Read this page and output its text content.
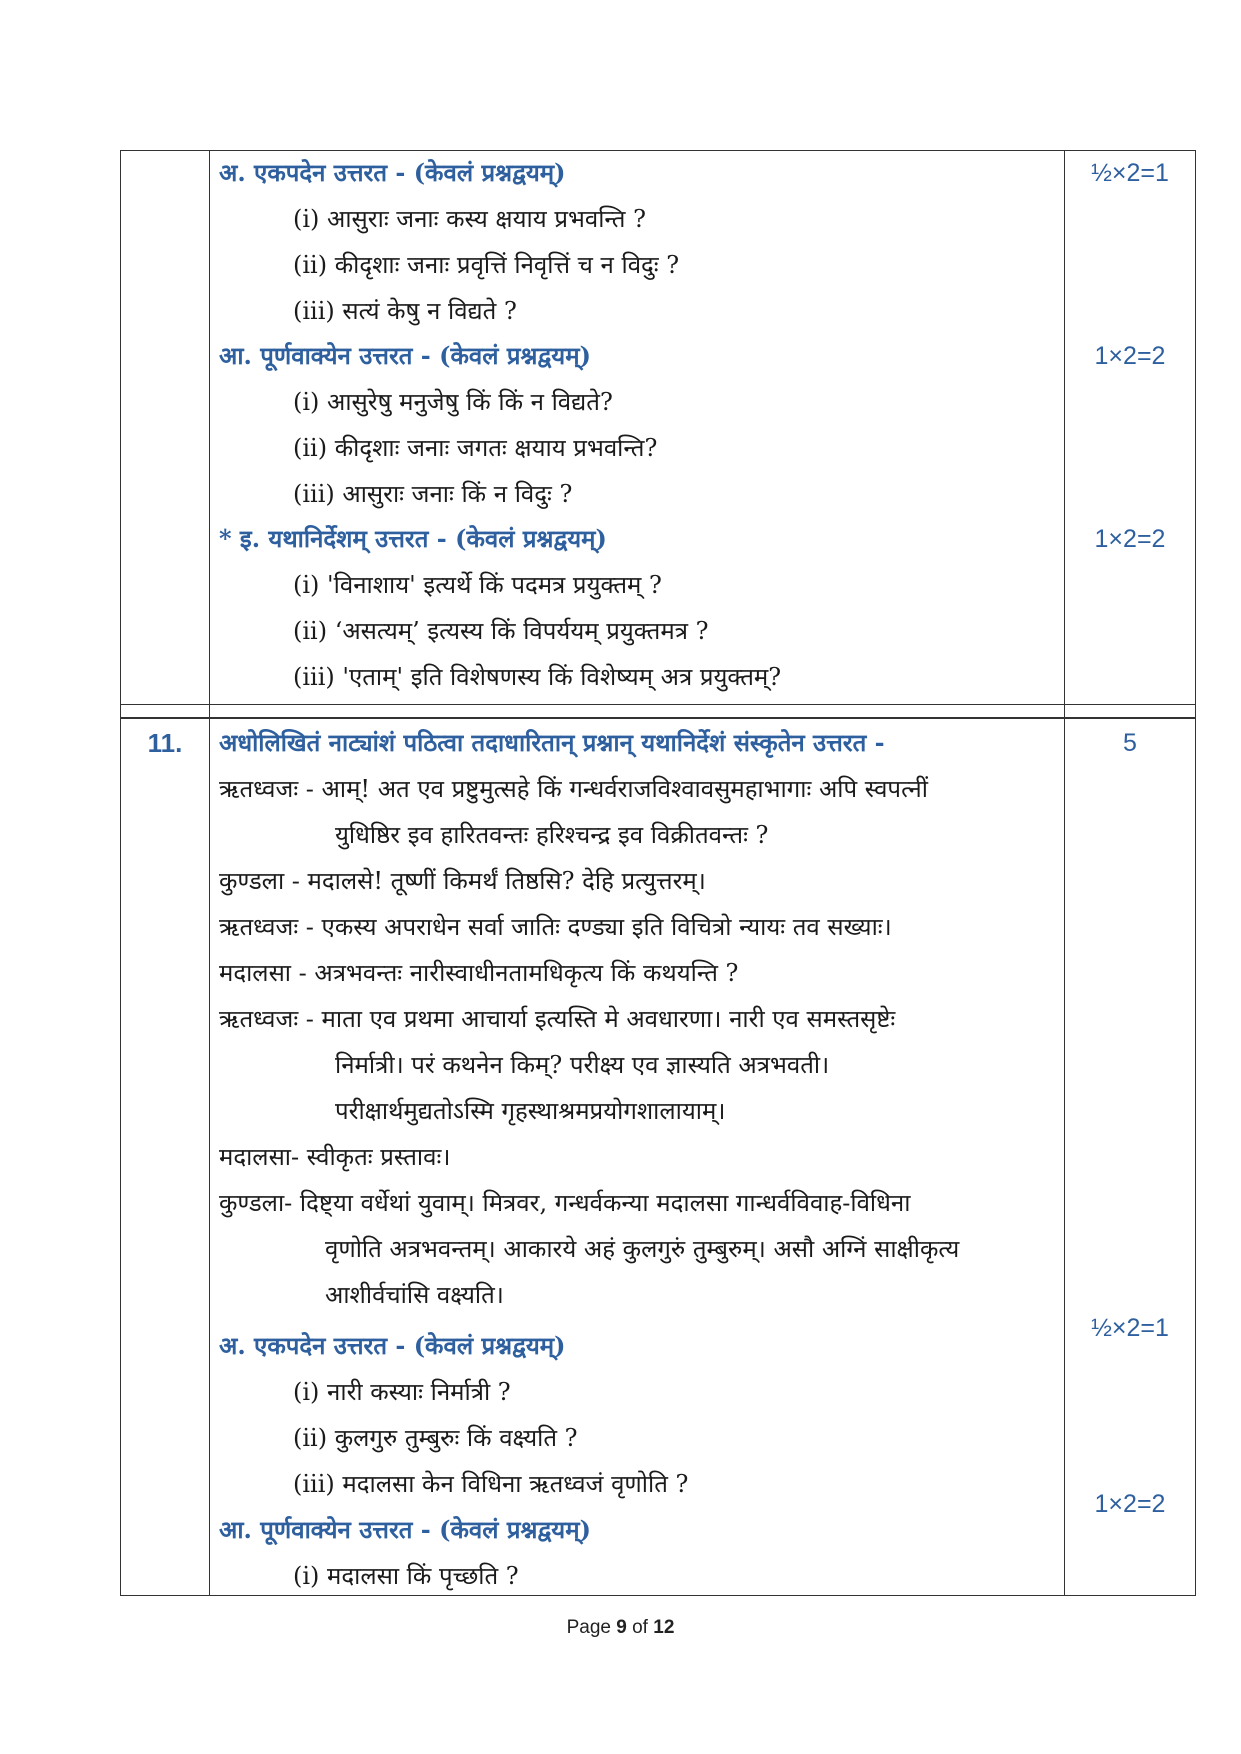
½×2=1
1×2=2
1×2=2
अ. एकपदेन उत्तरत - (केवलं प्रश्नद्वयम्)
(i) आसुराः जनाः कस्य क्षयाय प्रभवन्ति ?
(ii) कीदृशाः जनाः प्रवृत्तिं निवृत्तिं च न विदुः ?
(iii) सत्यं केषु न विद्यते ?
आ. पूर्णवाक्येन उत्तरत - (केवलं प्रश्नद्वयम्)
(i) आसुरेषु मनुजेषु किं किं न विद्यते?
(ii) कीदृशाः जनाः जगतः क्षयाय प्रभवन्ति?
(iii) आसुराः जनाः किं न विदुः ?
* इ. यथानिर्देशम् उत्तरत - (केवलं प्रश्नद्वयम्)
(i) 'विनाशाय' इत्यर्थे किं पदमत्र प्रयुक्तम् ?
(ii) ‘असत्यम्’ इत्यस्य किं विपर्ययम् प्रयुक्तमत्र ?
(iii) 'एताम्' इति विशेषणस्य किं विशेष्यम् अत्र प्रयुक्तम्?
11.	5
½×2=1
1×2=2
अधोलिखितं नाट्यांशं पठित्वा तदाधारितान् प्रश्नान् यथानिर्देशं संस्कृतेन उत्तरत -
ऋतध्वजः - आम्! अत एव प्रष्टुमुत्सहे किं गन्धर्वराजविश्वावसुमहाभागाः अपि स्वपत्नीं
युधिष्ठिर इव हारितवन्तः हरिश्चन्द्र इव विक्रीतवन्तः ?
कुण्डला - मदालसे! तूष्णीं किमर्थं तिष्ठसि? देहि प्रत्युत्तरम्।
ऋतध्वजः - एकस्य अपराधेन सर्वा जातिः दण्ड्या इति विचित्रो न्यायः तव सख्याः।
मदालसा - अत्रभवन्तः नारीस्वाधीनतामधिकृत्य किं कथयन्ति ?
ऋतध्वजः - माता एव प्रथमा आचार्या इत्यस्ति मे अवधारणा। नारी एव समस्तसृष्टेः
निर्मात्री। परं कथनेन किम्? परीक्ष्य एव ज्ञास्यति अत्रभवती।
परीक्षार्थमुद्यतोऽस्मि गृहस्थाश्रमप्रयोगशालायाम्।
मदालसा- स्वीकृतः प्रस्तावः।
कुण्डला- दिष्ट्या वर्धेथां युवाम्। मित्रवर, गन्धर्वकन्या मदालसा गान्धर्वविवाह-विधिना
वृणोति अत्रभवन्तम्। आकारये अहं कुलगुरुं तुम्बुरुम्। असौ अग्निं साक्षीकृत्य
आशीर्वचांसि वक्ष्यति।
अ. एकपदेन उत्तरत - (केवलं प्रश्नद्वयम्)
(i) नारी कस्याः निर्मात्री ?
(ii) कुलगुरु तुम्बुरुः किं वक्ष्यति ?
(iii) मदालसा केन विधिना ऋतध्वजं वृणोति ?
आ. पूर्णवाक्येन उत्तरत - (केवलं प्रश्नद्वयम्)
(i) मदालसा किं पृच्छति ?
Page 9 of 12
